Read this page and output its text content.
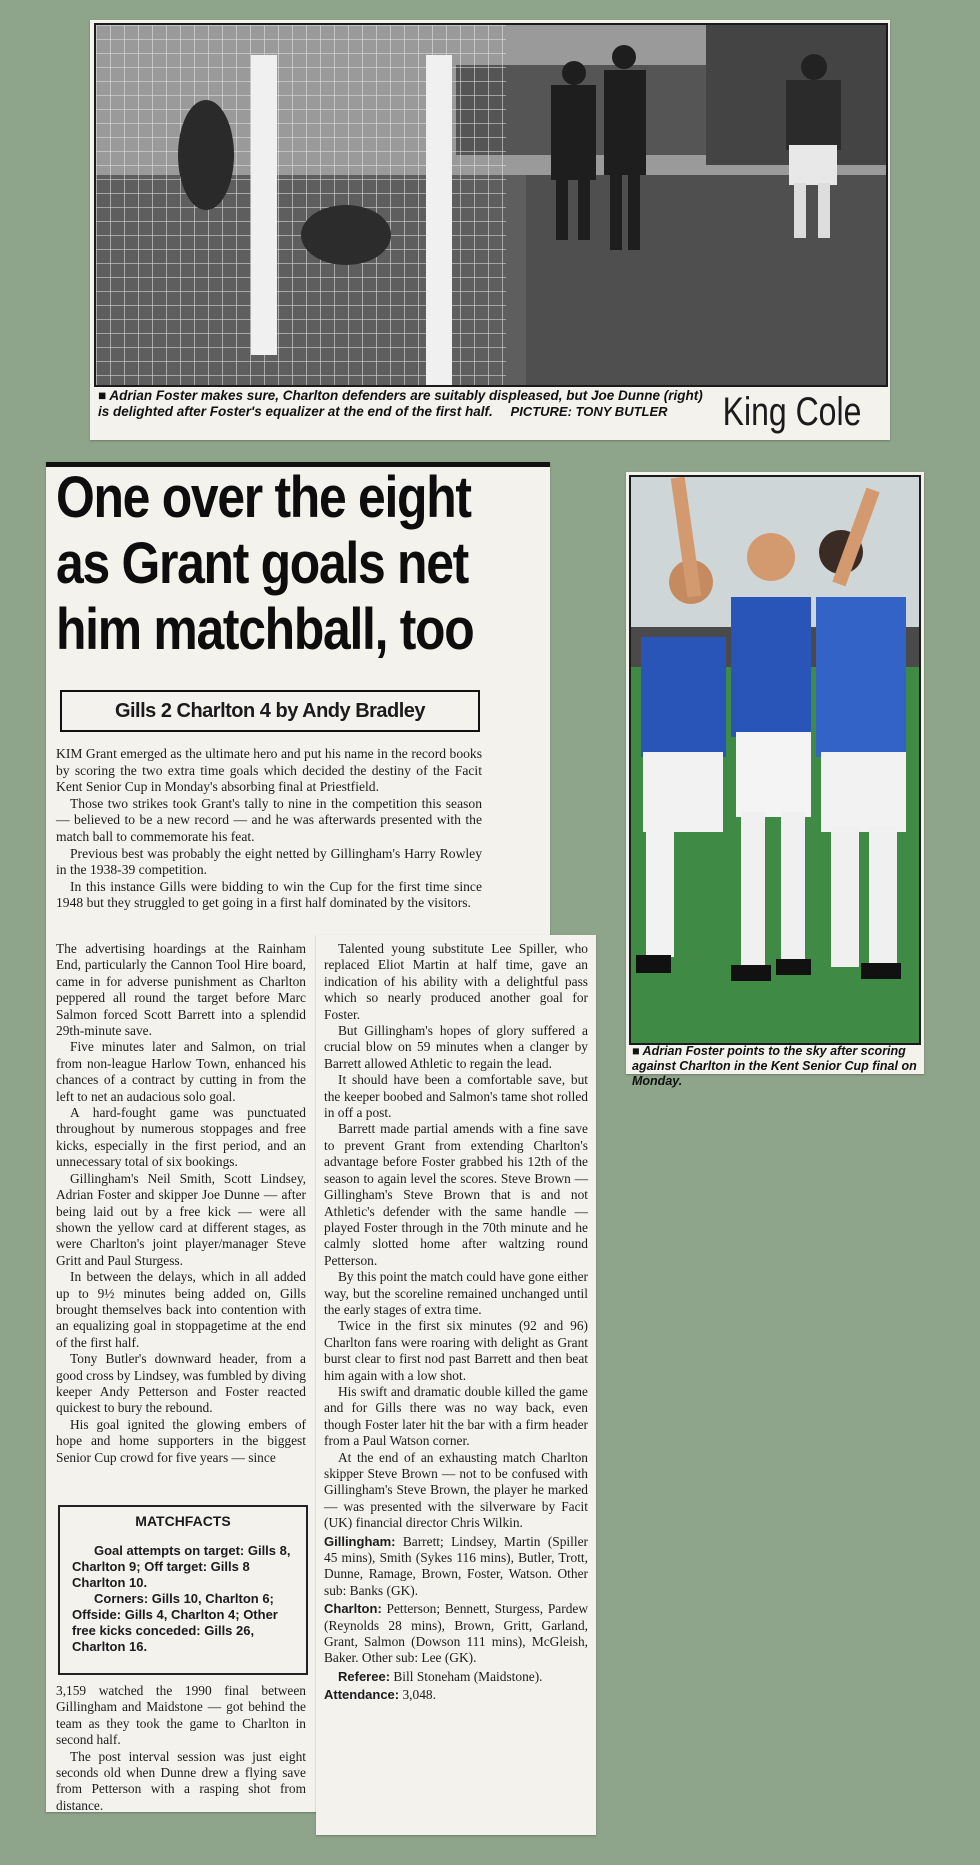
■ Adrian Foster makes sure, Charlton defenders are suitably displeased, but Joe Dunne (right) is delighted after Foster's equalizer at the end of the first half. PICTURE: TONY BUTLER	King Cole
One over the eight
as Grant goals net
him matchball, too
Gills 2 Charlton 4 by Andy Bradley

KIM Grant emerged as the ultimate hero and put his name in the record books by scoring the two extra time goals which decided the destiny of the Facit Kent Senior Cup in Monday's absorbing final at Priestfield.

Those two strikes took Grant's tally to nine in the competition this season — believed to be a new record — and he was afterwards presented with the match ball to commemorate his feat.

Previous best was probably the eight netted by Gillingham's Harry Rowley in the 1938-39 competition.

In this instance Gills were bidding to win the Cup for the first time since 1948 but they struggled to get going in a first half dominated by the visitors.

The advertising hoardings at the Rainham End, particularly the Cannon Tool Hire board, came in for adverse punishment as Charlton peppered all round the target before Marc Salmon forced Scott Barrett into a splendid 29th-minute save.

Five minutes later and Salmon, on trial from non-league Harlow Town, enhanced his chances of a contract by cutting in from the left to net an audacious solo goal.

A hard-fought game was punctuated throughout by numerous stoppages and free kicks, especially in the first period, and an unnecessary total of six bookings.

Gillingham's Neil Smith, Scott Lindsey, Adrian Foster and skipper Joe Dunne — after being laid out by a free kick — were all shown the yellow card at different stages, as were Charlton's joint player/manager Steve Gritt and Paul Sturgess.

In between the delays, which in all added up to 9½ minutes being added on, Gills brought themselves back into contention with an equalizing goal in stoppagetime at the end of the first half.

Tony Butler's downward header, from a good cross by Lindsey, was fumbled by diving keeper Andy Petterson and Foster reacted quickest to bury the rebound.

His goal ignited the glowing embers of hope and home supporters in the biggest Senior Cup crowd for five years — since

MATCHFACTS

Goal attempts on target: Gills 8, Charlton 9; Off target: Gills 8 Charlton 10.

Corners: Gills 10, Charlton 6; Offside: Gills 4, Charlton 4; Other free kicks conceded: Gills 26, Charlton 16.

3,159 watched the 1990 final between Gillingham and Maidstone — got behind the team as they took the game to Charlton in second half.

The post interval session was just eight seconds old when Dunne drew a flying save from Petterson with a rasping shot from distance.

Talented young substitute Lee Spiller, who replaced Eliot Martin at half time, gave an indication of his ability with a delightful pass which so nearly produced another goal for Foster.

But Gillingham's hopes of glory suffered a crucial blow on 59 minutes when a clanger by Barrett allowed Athletic to regain the lead.

It should have been a comfortable save, but the keeper boobed and Salmon's tame shot rolled in off a post.

Barrett made partial amends with a fine save to prevent Grant from extending Charlton's advantage before Foster grabbed his 12th of the season to again level the scores. Steve Brown — Gillingham's Steve Brown that is and not Athletic's defender with the same handle — played Foster through in the 70th minute and he calmly slotted home after waltzing round Petterson.

By this point the match could have gone either way, but the scoreline remained unchanged until the early stages of extra time.

Twice in the first six minutes (92 and 96) Charlton fans were roaring with delight as Grant burst clear to first nod past Barrett and then beat him again with a low shot.

His swift and dramatic double killed the game and for Gills there was no way back, even though Foster later hit the bar with a firm header from a Paul Watson corner.

At the end of an exhausting match Charlton skipper Steve Brown — not to be confused with Gillingham's Steve Brown, the player he marked — was presented with the silverware by Facit (UK) financial director Chris Wilkin.

Gillingham: Barrett; Lindsey, Martin (Spiller 45 mins), Smith (Sykes 116 mins), Butler, Trott, Dunne, Ramage, Brown, Foster, Watson. Other sub: Banks (GK).

Charlton: Petterson; Bennett, Sturgess, Pardew (Reynolds 28 mins), Brown, Gritt, Garland, Grant, Salmon (Dowson 111 mins), McGleish, Baker. Other sub: Lee (GK).

Referee: Bill Stoneham (Maidstone).

Attendance: 3,048.

■ Adrian Foster points to the sky after scoring against Charlton in the Kent Senior Cup final on Monday.
